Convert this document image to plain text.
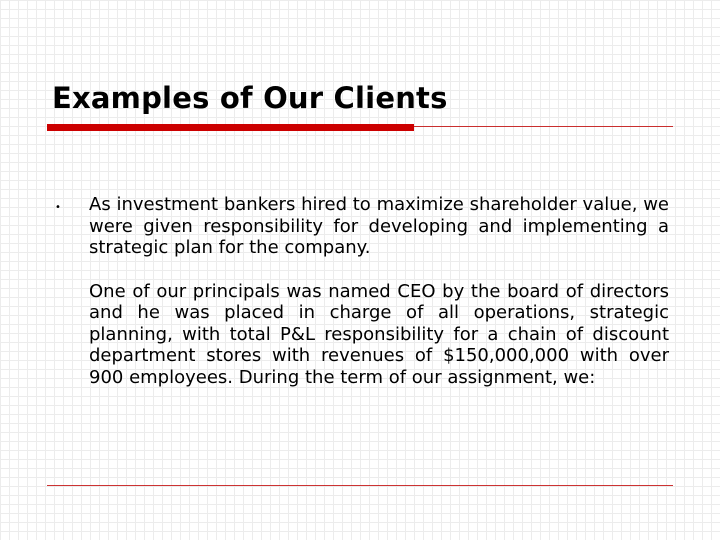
Examples of Our Clients
• As investment bankers hired to maximize shareholder value, we were given responsibility for developing and implementing a strategic plan for the company.

One of our principals was named CEO by the board of directors and he was placed in charge of all operations, strategic planning, with total P&L responsibility for a chain of discount department stores with revenues of $150,000,000 with over 900 employees. During the term of our assignment, we:
